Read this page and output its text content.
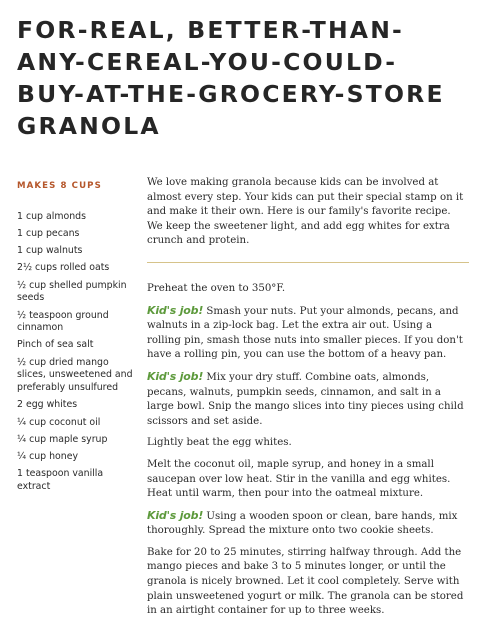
FOR-REAL, BETTER-THAN-
ANY-CEREAL-YOU-COULD-
BUY-AT-THE-GROCERY-STORE
GRANOLA
MAKES 8 CUPS
1 cup almonds
1 cup pecans
1 cup walnuts
2½ cups rolled oats
½ cup shelled pumpkin seeds
½ teaspoon ground cinnamon
Pinch of sea salt
½ cup dried mango slices, unsweetened and preferably unsulfured
2 egg whites
¼ cup coconut oil
¼ cup maple syrup
¼ cup honey
1 teaspoon vanilla extract

We love making granola because kids can be involved at almost every step. Your kids can put their special stamp on it and make it their own. Here is our family's favorite recipe. We keep the sweetener light, and add egg whites for extra crunch and protein.

Preheat the oven to 350°F.

Kid's job! Smash your nuts. Put your almonds, pecans, and walnuts in a zip-lock bag. Let the extra air out. Using a rolling pin, smash those nuts into smaller pieces. If you don't have a rolling pin, you can use the bottom of a heavy pan.

Kid's job! Mix your dry stuff. Combine oats, almonds, pecans, walnuts, pumpkin seeds, cinnamon, and salt in a large bowl. Snip the mango slices into tiny pieces using child scissors and set aside.

Lightly beat the egg whites.

Melt the coconut oil, maple syrup, and honey in a small saucepan over low heat. Stir in the vanilla and egg whites. Heat until warm, then pour into the oatmeal mixture.

Kid's job! Using a wooden spoon or clean, bare hands, mix thoroughly. Spread the mixture onto two cookie sheets.

Bake for 20 to 25 minutes, stirring halfway through. Add the mango pieces and bake 3 to 5 minutes longer, or until the granola is nicely browned. Let it cool completely. Serve with plain unsweetened yogurt or milk. The granola can be stored in an airtight container for up to three weeks.
